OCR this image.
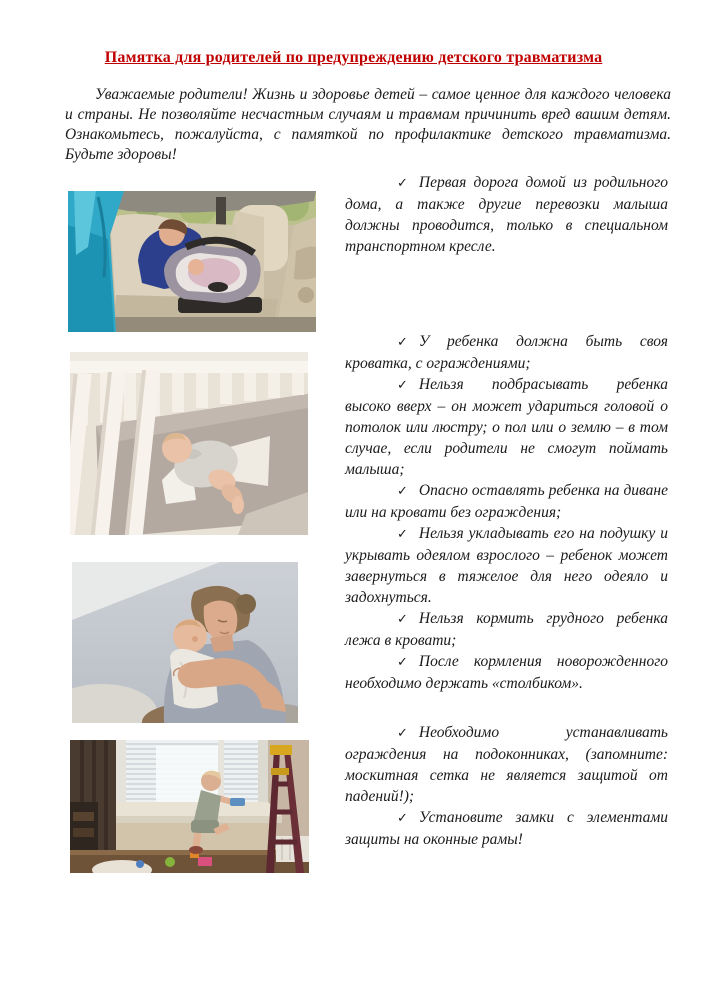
Памятка для родителей по предупреждению детского травматизма

Уважаемые родители! Жизнь и здоровье детей – самое ценное для каждого человека и страны. Не позволяйте несчастным случаям и травмам причинить вред вашим детям. Ознакомьтесь, пожалуйста, с памяткой по профилактике детского травматизма. Будьте здоровы!

✓ Первая дорога домой из родильного дома, а также другие перевозки малыша должны проводится, только в специальном транспортном кресле.

✓ У ребенка должна быть своя кроватка, с ограждениями;

✓ Нельзя подбрасывать ребенка высоко вверх – он может удариться головой о потолок или люстру; о пол или о землю – в том случае, если родители не смогут поймать малыша;

✓ Опасно оставлять ребенка на диване или на кровати без ограждения;

✓ Нельзя укладывать его на подушку и укрывать одеялом взрослого – ребенок может завернуться в тяжелое для него одеяло и задохнуться.

✓ Нельзя кормить грудного ребенка лежа в кровати;

✓ После кормления новорожденного необходимо держать «столбиком».

✓ Необходимо устанавливать ограждения на подоконниках, (запомните: москитная сетка не является защитой от падений!);

✓ Установите замки с элементами защиты на оконные рамы!
